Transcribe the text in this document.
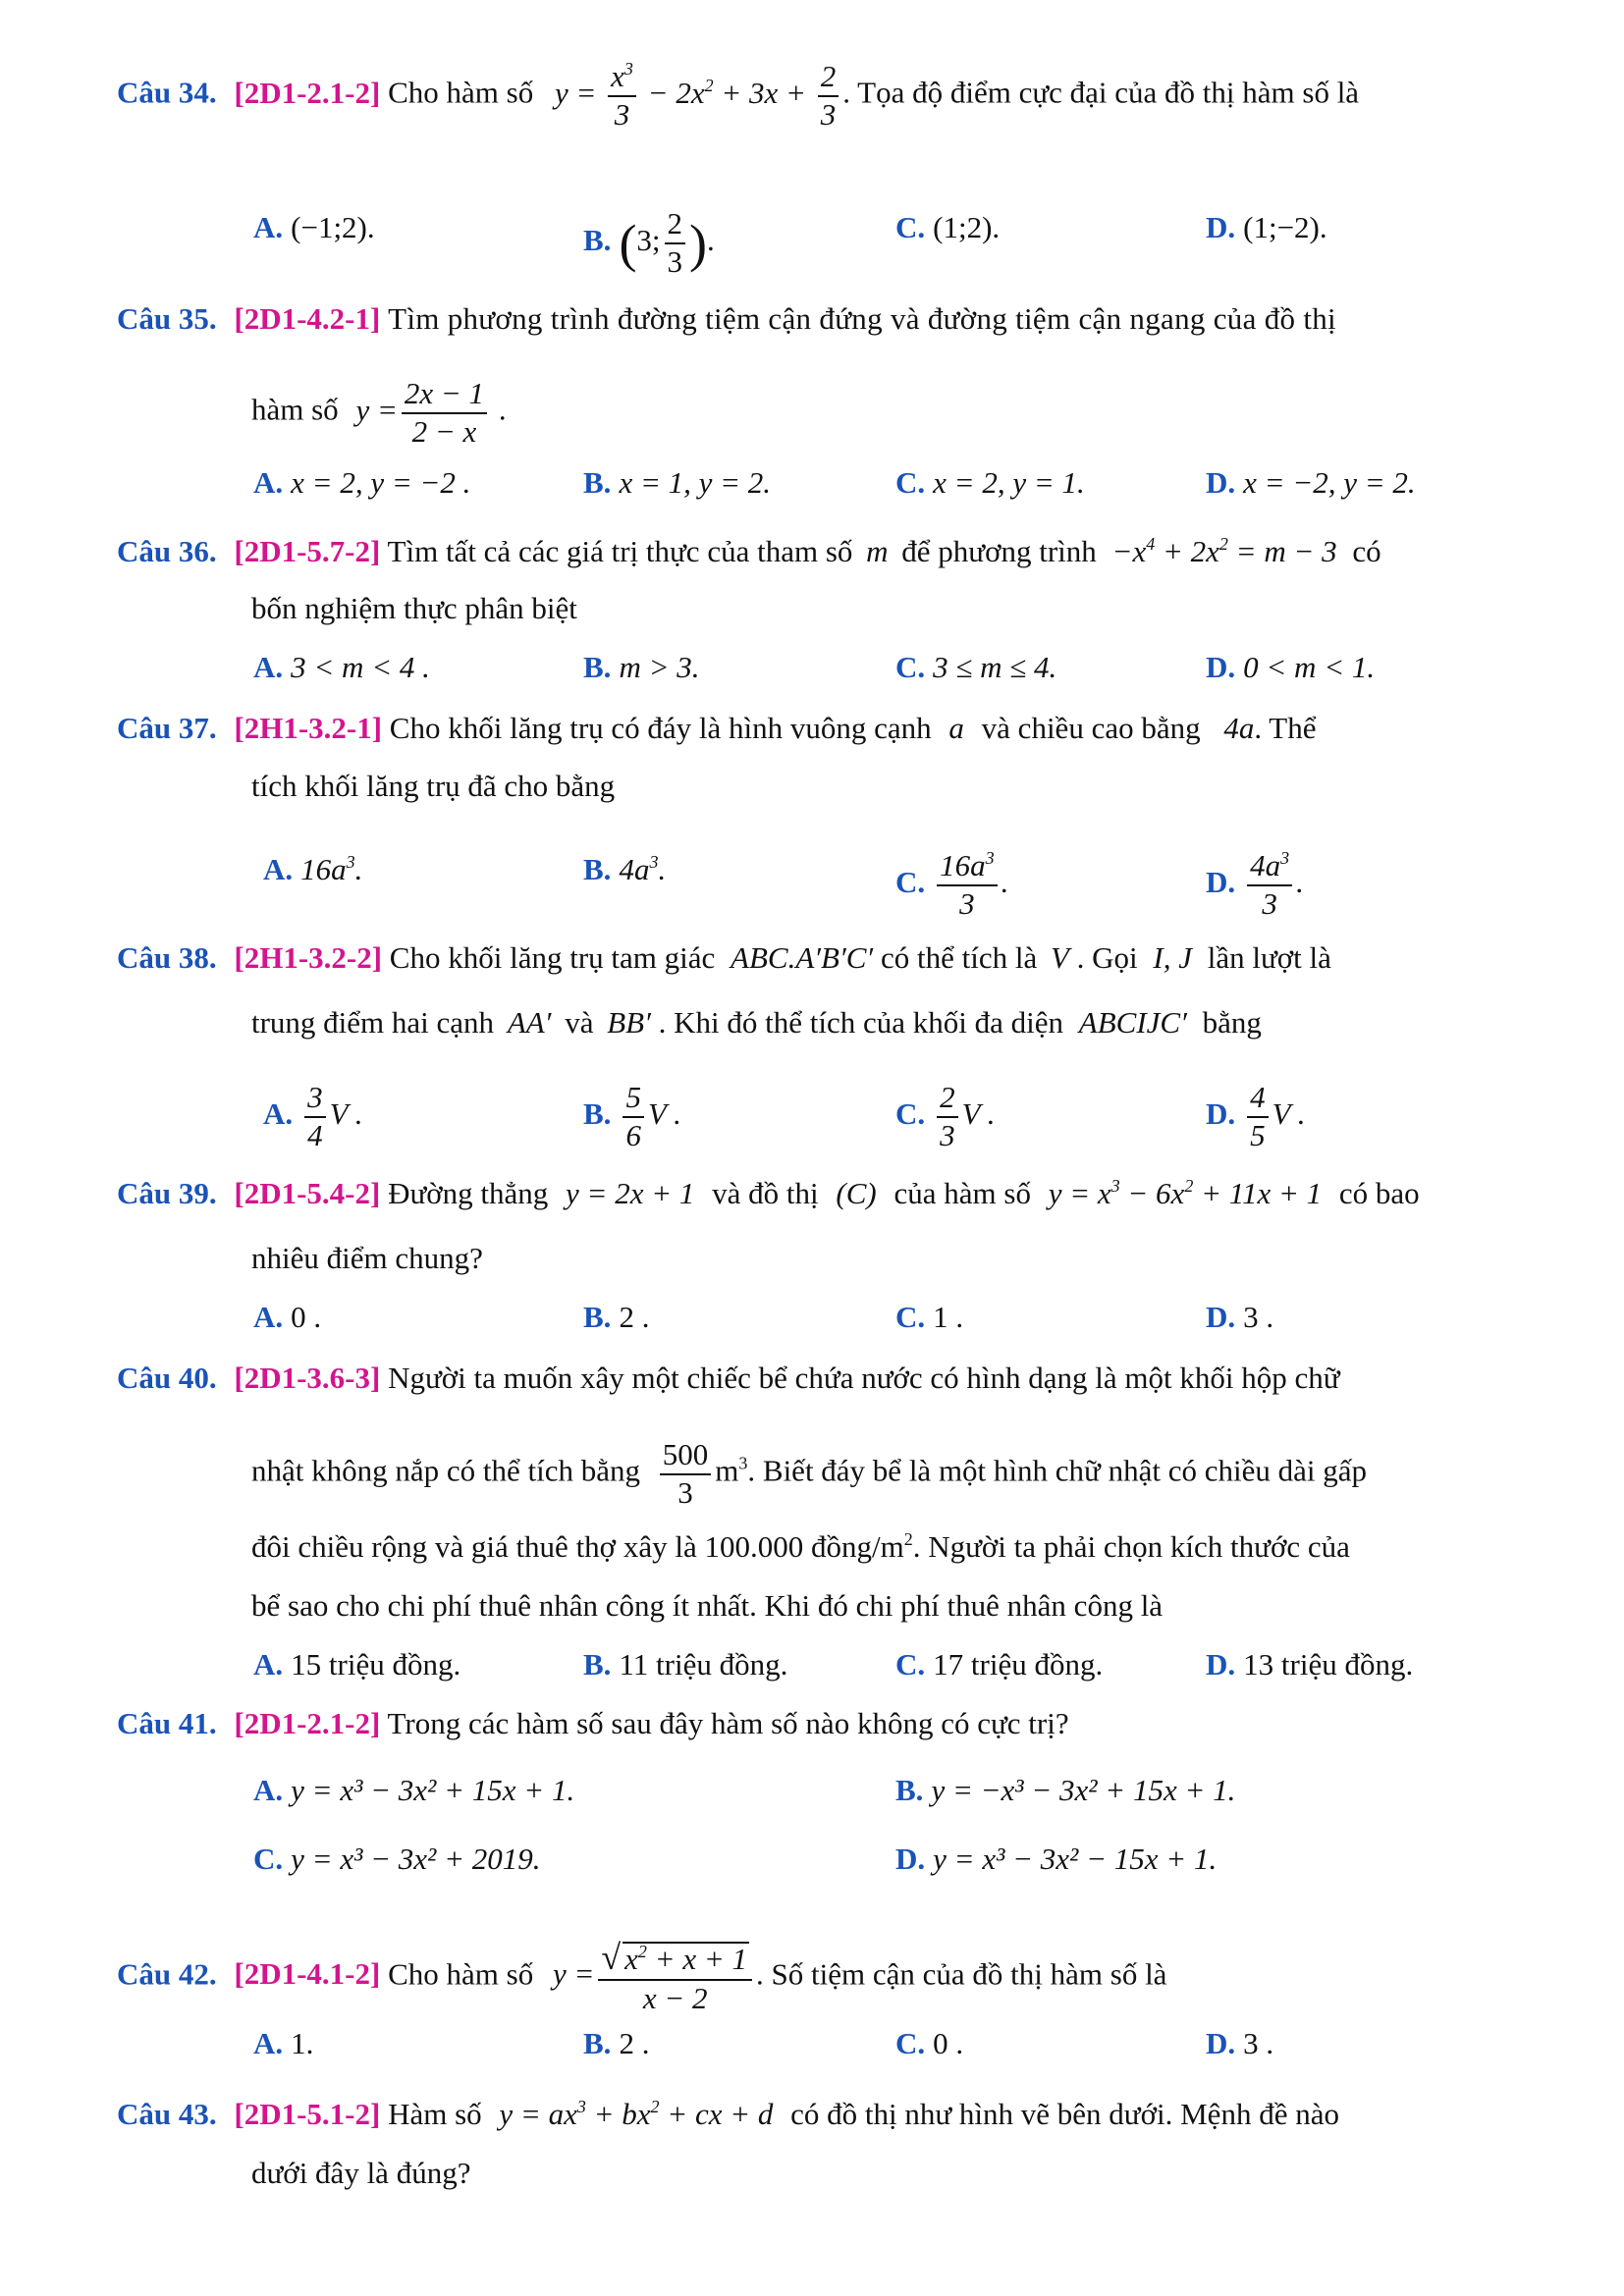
Câu 34. [2D1-2.1-2] Cho hàm số $y = \frac{x^3}{3} - 2x^2 + 3x + \frac{2}{3}$ . Tọa độ điểm cực đại của đồ thị hàm số là
A. (−1;2).	B. (3; $\frac{2}{3}$ ).	C. (1;2).	D. (1;−2).
Câu 35. [2D1-4.2-1] Tìm phương trình đường tiệm cận đứng và đường tiệm cận ngang của đồ thị
hàm số $y = \frac{2x - 1}{2 - x}$ .
A. x = 2, y = −2 .	B. x = 1, y = 2.	C. x = 2, y = 1.	D. x = −2, y = 2.
Câu 36. [2D1-5.7-2] Tìm tất cả các giá trị thực của tham số m để phương trình $-x^4 + 2x^2 = m - 3$ có
bốn nghiệm thực phân biệt
A. 3 < m < 4 .	B. m > 3.	C. 3 ≤ m ≤ 4.	D. 0 < m < 1.
Câu 37. [2H1-3.2-1] Cho khối lăng trụ có đáy là hình vuông cạnh a và chiều cao bằng 4a. Thể
tích khối lăng trụ đã cho bằng
A. $16a^3$.	B. $4a^3$.	C. $\frac{16a^3}{3}$ .	D. $\frac{4a^3}{3}$ .
Câu 38. [2H1-3.2-2] Cho khối lăng trụ tam giác ABC.A′B′C′ có thể tích là V . Gọi I, J lần lượt là
trung điểm hai cạnh AA′ và BB′ . Khi đó thể tích của khối đa diện ABCIJC′ bằng
A. $\frac{3}{4}$ V .	B. $\frac{5}{6}$ V .	C. $\frac{2}{3}$ V .	D. $\frac{4}{5}$ V .
Câu 39. [2D1-5.4-2] Đường thẳng y = 2x + 1 và đồ thị (C) của hàm số $y = x^3 - 6x^2 + 11x + 1$ có bao
nhiêu điểm chung?
A. 0 .	B. 2 .	C. 1 .	D. 3 .
Câu 40. [2D1-3.6-3] Người ta muốn xây một chiếc bể chứa nước có hình dạng là một khối hộp chữ
nhật không nắp có thể tích bằng $\frac{500}{3} m^3$. Biết đáy bể là một hình chữ nhật có chiều dài gấp
đôi chiều rộng và giá thuê thợ xây là 100.000 đồng/$m^2$. Người ta phải chọn kích thước của
bể sao cho chi phí thuê nhân công ít nhất. Khi đó chi phí thuê nhân công là
A. 15 triệu đồng.	B. 11 triệu đồng.	C. 17 triệu đồng.	D. 13 triệu đồng.
Câu 41. [2D1-2.1-2] Trong các hàm số sau đây hàm số nào không có cực trị?
A. y = x³ − 3x² + 15x + 1.	B. y = −x³ − 3x² + 15x + 1.
C. y = x³ − 3x² + 2019.	D. y = x³ − 3x² − 15x + 1.
Câu 42. [2D1-4.1-2] Cho hàm số $y = \frac{√ x^2 + x + 1}{x - 2}$ . Số tiệm cận của đồ thị hàm số là
A. 1.	B. 2 .	C. 0 .	D. 3 .
Câu 43. [2D1-5.1-2] Hàm số $y = ax^3 + bx^2$ + cx + d có đồ thị như hình vẽ bên dưới. Mệnh đề nào
dưới đây là đúng?
